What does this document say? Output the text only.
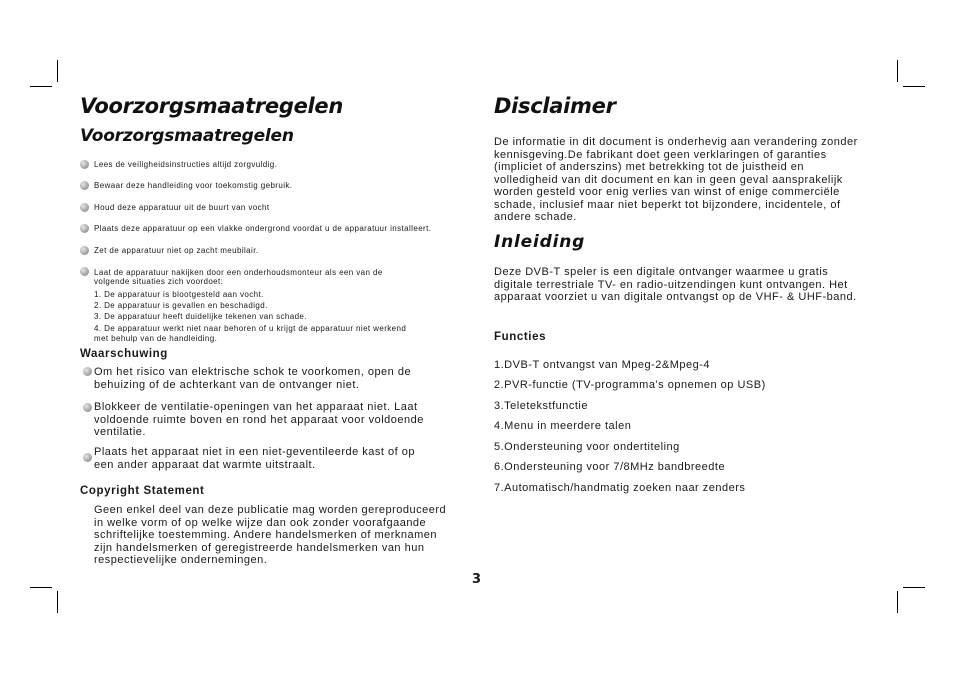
Voorzorgsmaatregelen
Voorzorgsmaatregelen
Lees de veiligheidsinstructies altijd zorgvuldig.
Bewaar deze handleiding voor toekomstig gebruik.
Houd deze apparatuur uit de buurt van vocht
Plaats deze apparatuur op een vlakke ondergrond voordat u de apparatuur installeert.
Zet de apparatuur niet op zacht meubilair.
Laat de apparatuur nakijken door een onderhoudsmonteur als een van de
volgende situaties zich voordoet:
1. De apparatuur is blootgesteld aan vocht.
2. De apparatuur is gevallen en beschadigd.
3. De apparatuur heeft duidelijke tekenen van schade.
4. De apparatuur werkt niet naar behoren of u krijgt de apparatuur niet werkend
met behulp van de handleiding.
Waarschuwing
Om het risico van elektrische schok te voorkomen, open de
behuizing of de achterkant van de ontvanger niet.
Blokkeer de ventilatie-openingen van het apparaat niet. Laat
voldoende ruimte boven en rond het apparaat voor voldoende
ventilatie.
Plaats het apparaat niet in een niet-geventileerde kast of op
een ander apparaat dat warmte uitstraalt.
Copyright Statement
Geen enkel deel van deze publicatie mag worden gereproduceerd
in welke vorm of op welke wijze dan ook zonder voorafgaande
schriftelijke toestemming. Andere handelsmerken of merknamen
zijn handelsmerken of geregistreerde handelsmerken van hun
respectievelijke ondernemingen.
3
Disclaimer
De informatie in dit document is onderhevig aan verandering zonder
kennisgeving.De fabrikant doet geen verklaringen of garanties
(impliciet of anderszins) met betrekking tot de juistheid en
volledigheid van dit document en kan in geen geval aansprakelijk
worden gesteld voor enig verlies van winst of enige commerciële
schade, inclusief maar niet beperkt tot bijzondere, incidentele, of
andere schade.
Inleiding
Deze DVB-T speler is een digitale ontvanger waarmee u gratis
digitale terrestriale TV- en radio-uitzendingen kunt ontvangen. Het
apparaat voorziet u van digitale ontvangst op de VHF- & UHF-band.
Functies
1.DVB-T ontvangst van Mpeg-2&Mpeg-4
2.PVR-functie (TV-programma’s opnemen op USB)
3.Teletekstfunctie
4.Menu in meerdere talen
5.Ondersteuning voor ondertiteling
6.Ondersteuning voor 7/8MHz bandbreedte
7.Automatisch/handmatig zoeken naar zenders
